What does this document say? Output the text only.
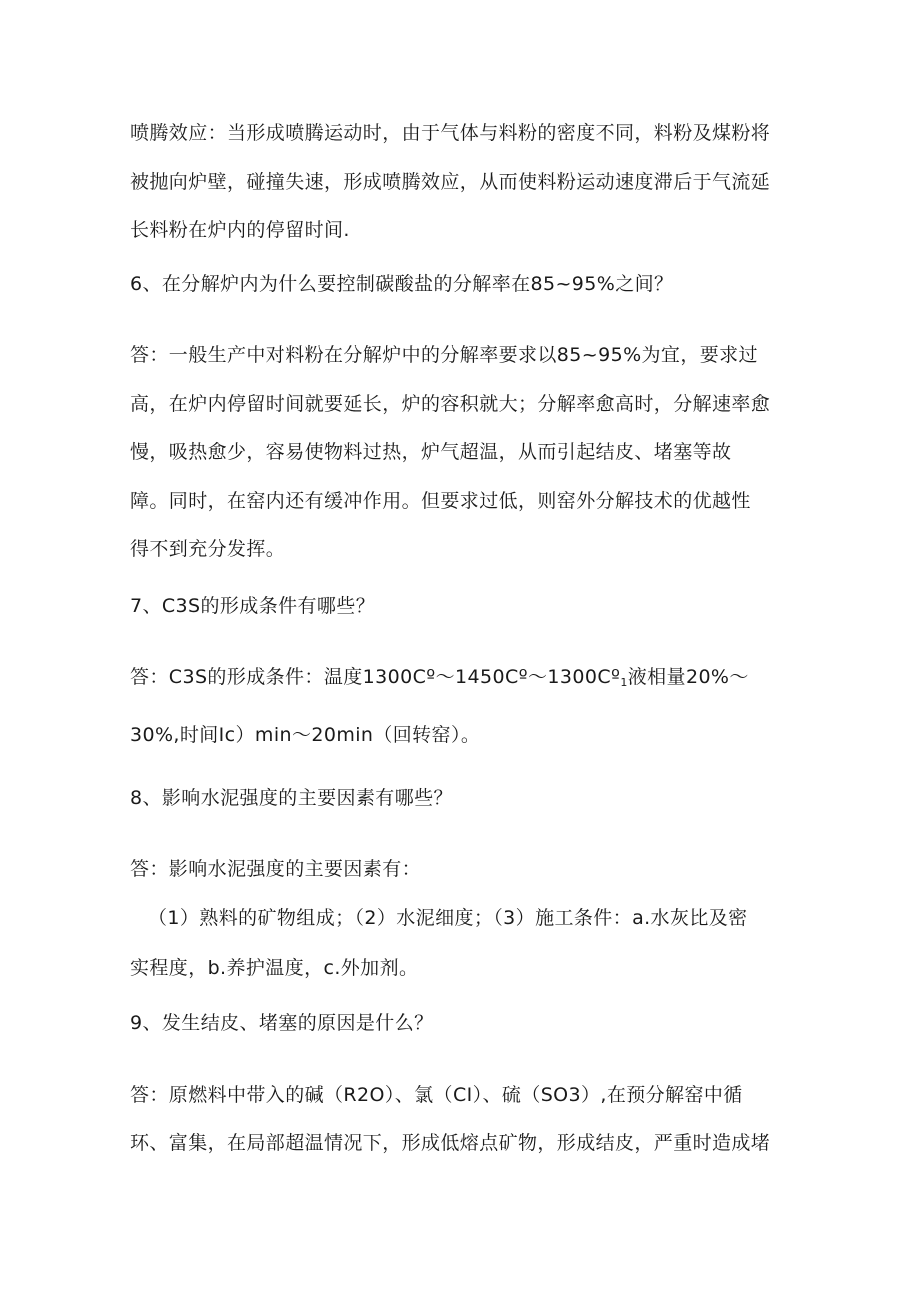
喷腾效应：当形成喷腾运动时，由于气体与料粉的密度不同，料粉及煤粉将
被抛向炉壁，碰撞失速，形成喷腾效应，从而使料粉运动速度滞后于气流延
长料粉在炉内的停留时间.
6、在分解炉内为什么要控制碳酸盐的分解率在85~95%之间？
答：一般生产中对料粉在分解炉中的分解率要求以85~95%为宜，要求过
高，在炉内停留时间就要延长，炉的容积就大；分解率愈高时，分解速率愈
慢，吸热愈少，容易使物料过热，炉气超温，从而引起结皮、堵塞等故
障。同时，在窑内还有缓冲作用。但要求过低，则窑外分解技术的优越性
得不到充分发挥。
7、C3S的形成条件有哪些？
答：C3S的形成条件：温度1300Cº～1450Cº～1300Cº$_1$液相量20%～
30%,时间Ic）min～20min（回转窑）。
8、影响水泥强度的主要因素有哪些？
答：影响水泥强度的主要因素有：
（1）熟料的矿物组成；（2）水泥细度；（3）施工条件：a.水灰比及密
实程度，b.养护温度，c.外加剂。
9、发生结皮、堵塞的原因是什么？
答：原燃料中带入的碱（R2O）、氯（CI）、硫（SO3）,在预分解窑中循
环、富集，在局部超温情况下，形成低熔点矿物，形成结皮，严重时造成堵
